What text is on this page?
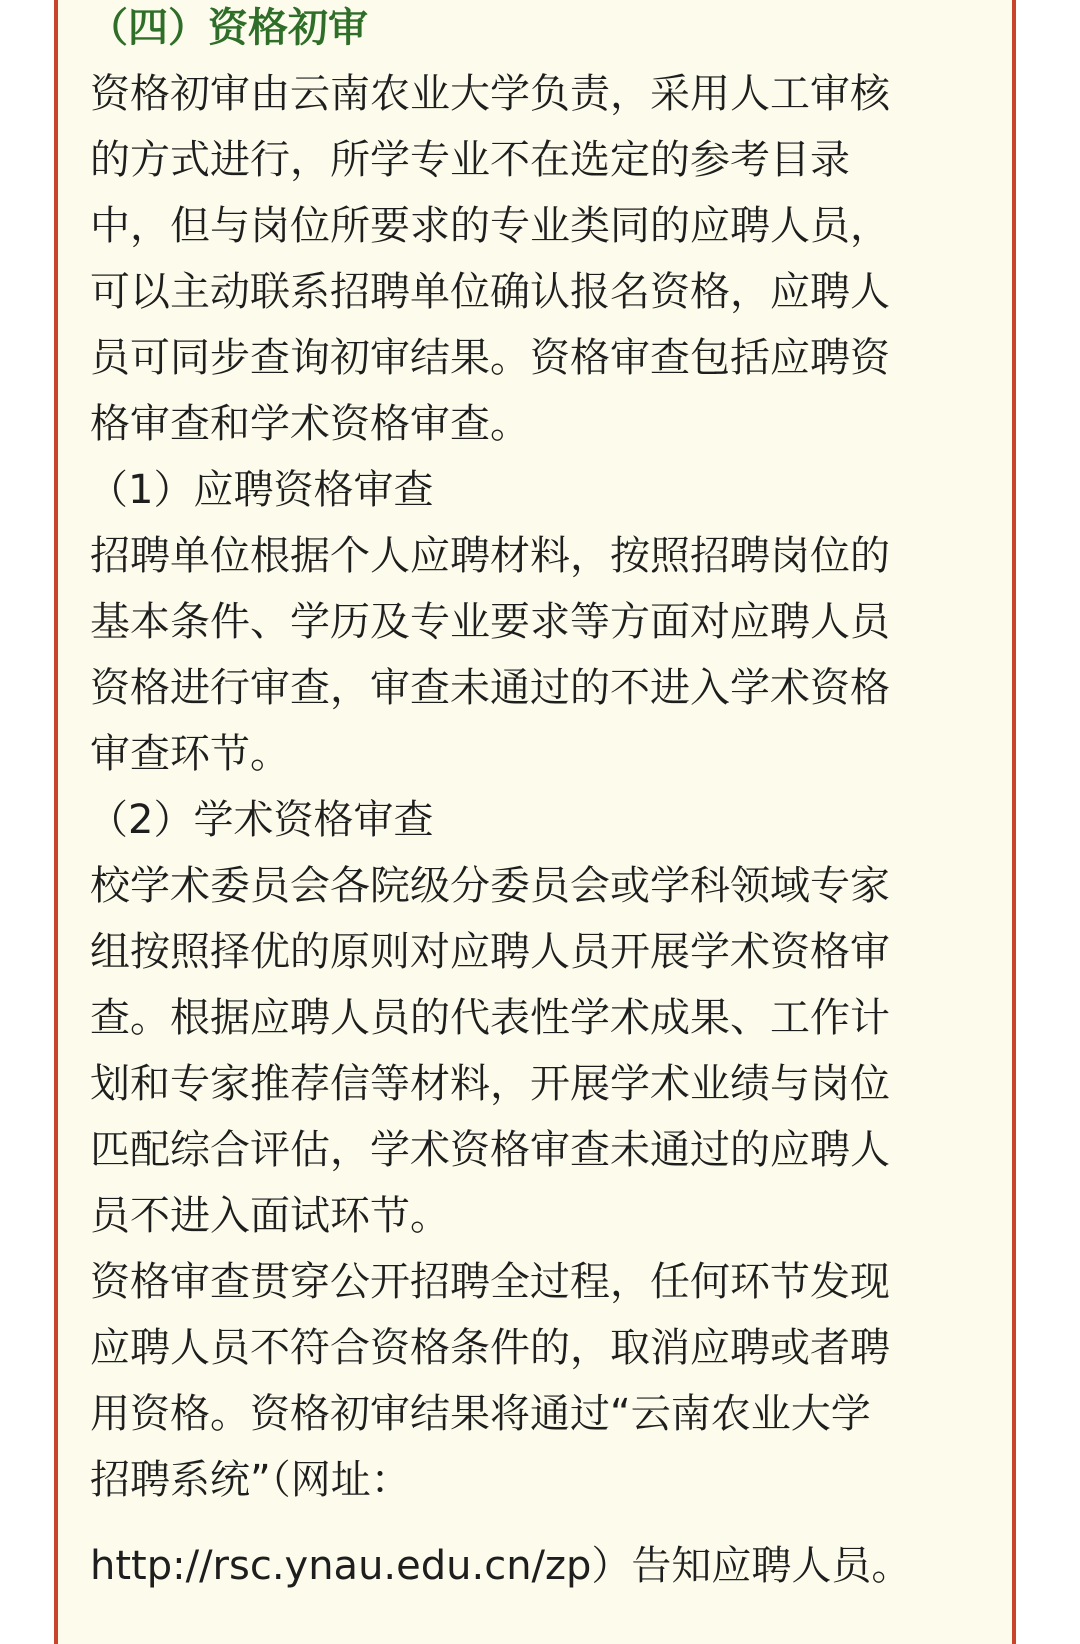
（四）资格初审
资格初审由云南农业大学负责，采用人工审核
的方式进行，所学专业不在选定的参考目录
中，但与岗位所要求的专业类同的应聘人员，
可以主动联系招聘单位确认报名资格，应聘人
员可同步查询初审结果。资格审查包括应聘资
格审查和学术资格审查。
（1）应聘资格审查
招聘单位根据个人应聘材料，按照招聘岗位的
基本条件、学历及专业要求等方面对应聘人员
资格进行审查，审查未通过的不进入学术资格
审查环节。
（2）学术资格审查
校学术委员会各院级分委员会或学科领域专家
组按照择优的原则对应聘人员开展学术资格审
查。根据应聘人员的代表性学术成果、工作计
划和专家推荐信等材料，开展学术业绩与岗位
匹配综合评估，学术资格审查未通过的应聘人
员不进入面试环节。
资格审查贯穿公开招聘全过程，任何环节发现
应聘人员不符合资格条件的，取消应聘或者聘
用资格。资格初审结果将通过“云南农业大学
招聘系统”（网址：
http://rsc.ynau.edu.cn/zp）告知应聘人员。
